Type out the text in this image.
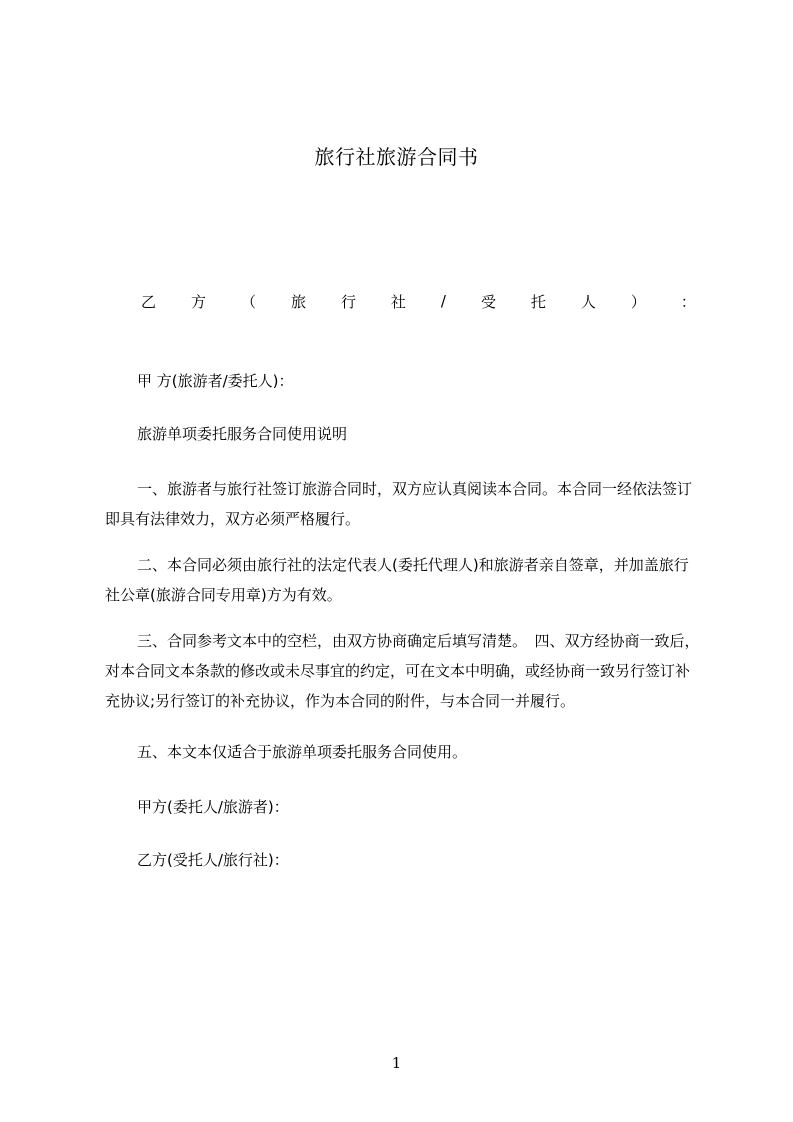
旅行社旅游合同书
乙 方 （ 旅 行 社 / 受 托 人 ） ：
甲 方(旅游者/委托人)：
旅游单项委托服务合同使用说明
一、旅游者与旅行社签订旅游合同时，双方应认真阅读本合同。本合同一经依法签订即具有法律效力，双方必须严格履行。
二、本合同必须由旅行社的法定代表人(委托代理人)和旅游者亲自签章，并加盖旅行社公章(旅游合同专用章)方为有效。
三、合同参考文本中的空栏，由双方协商确定后填写清楚。　四、双方经协商一致后，对本合同文本条款的修改或未尽事宜的约定，可在文本中明确，或经协商一致另行签订补充协议;另行签订的补充协议，作为本合同的附件，与本合同一并履行。
五、本文本仅适合于旅游单项委托服务合同使用。
甲方(委托人/旅游者)：
乙方(受托人/旅行社)：
1
